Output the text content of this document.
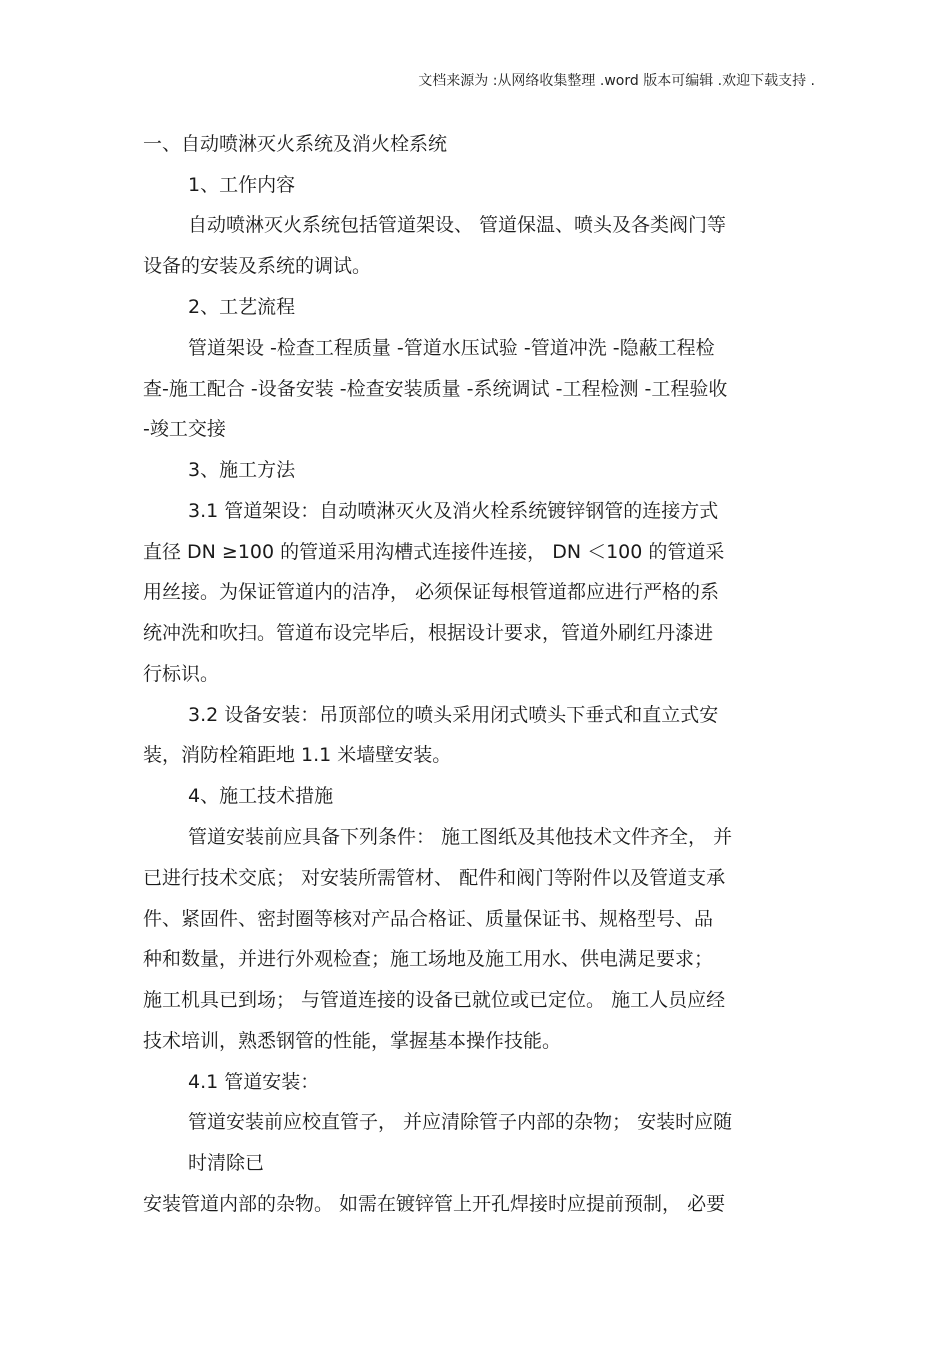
文档来源为 :从网络收集整理 .word 版本可编辑 .欢迎下载支持 .
一、自动喷淋灭火系统及消火栓系统
1、工作内容
自动喷淋灭火系统包括管道架设、 管道保温、喷头及各类阀门等
设备的安装及系统的调试。
2、工艺流程
管道架设 -检查工程质量 -管道水压试验 -管道冲洗 -隐蔽工程检
查-施工配合 -设备安装 -检查安装质量 -系统调试 -工程检测 -工程验收
-竣工交接
3、施工方法
3.1 管道架设：自动喷淋灭火及消火栓系统镀锌钢管的连接方式
直径 DN ≥100 的管道采用沟槽式连接件连接， DN ＜100 的管道采
用丝接。为保证管道内的洁净， 必须保证每根管道都应进行严格的系
统冲洗和吹扫。管道布设完毕后，根据设计要求，管道外刷红丹漆进
行标识。
3.2 设备安装：吊顶部位的喷头采用闭式喷头下垂式和直立式安
装，消防栓箱距地 1.1 米墙壁安装。
4、施工技术措施
管道安装前应具备下列条件： 施工图纸及其他技术文件齐全， 并
已进行技术交底； 对安装所需管材、 配件和阀门等附件以及管道支承
件、紧固件、密封圈等核对产品合格证、质量保证书、规格型号、品
种和数量，并进行外观检查；施工场地及施工用水、供电满足要求；
施工机具已到场； 与管道连接的设备已就位或已定位。 施工人员应经
技术培训，熟悉钢管的性能，掌握基本操作技能。
4.1 管道安装：
管道安装前应校直管子， 并应清除管子内部的杂物； 安装时应随
时清除已
安装管道内部的杂物。 如需在镀锌管上开孔焊接时应提前预制， 必要
